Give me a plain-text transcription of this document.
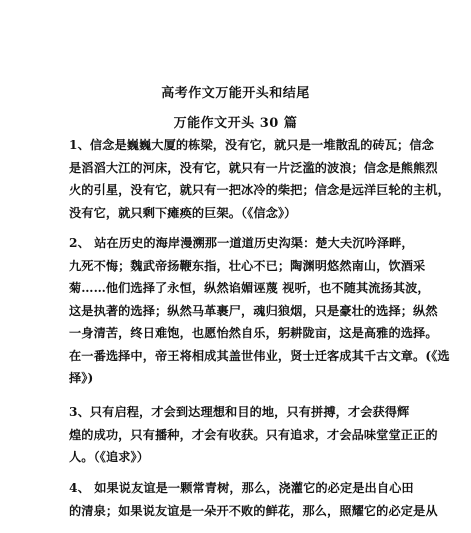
高考作文万能开头和结尾
万能作文开头 30 篇
1、信念是巍巍大厦的栋梁，没有它，就只是一堆散乱的砖瓦；信念
是滔滔大江的河床，没有它，就只有一片泛滥的波浪；信念是熊熊烈
火的引星，没有它，就只有一把冰冷的柴把；信念是远洋巨轮的主机，
没有它，就只剩下瘫痪的巨架。（《信念》）
2、 站在历史的海岸漫溯那一道道历史沟渠：楚大夫沉吟泽畔，
九死不悔；魏武帝扬鞭东指，壮心不已；陶渊明悠然南山，饮酒采
菊……他们选择了永恒，纵然谄媚诬蔑 视听，也不随其流扬其波，
这是执著的选择；纵然马革裹尸，魂归狼烟，只是豪壮的选择；纵然
一身清苦，终日难饱，也愿怡然自乐，躬耕陇亩，这是高雅的选择。
在一番选择中，帝王将相成其盖世伟业，贤士迁客成其千古文章。(《选
择》)
3、只有启程，才会到达理想和目的地，只有拼搏，才会获得辉
煌的成功，只有播种，才会有收获。只有追求，才会品味堂堂正正的
人。（《追求》）
4、 如果说友谊是一颗常青树，那么，浇灌它的必定是出自心田
的清泉；如果说友谊是一朵开不败的鲜花，那么，照耀它的必定是从
